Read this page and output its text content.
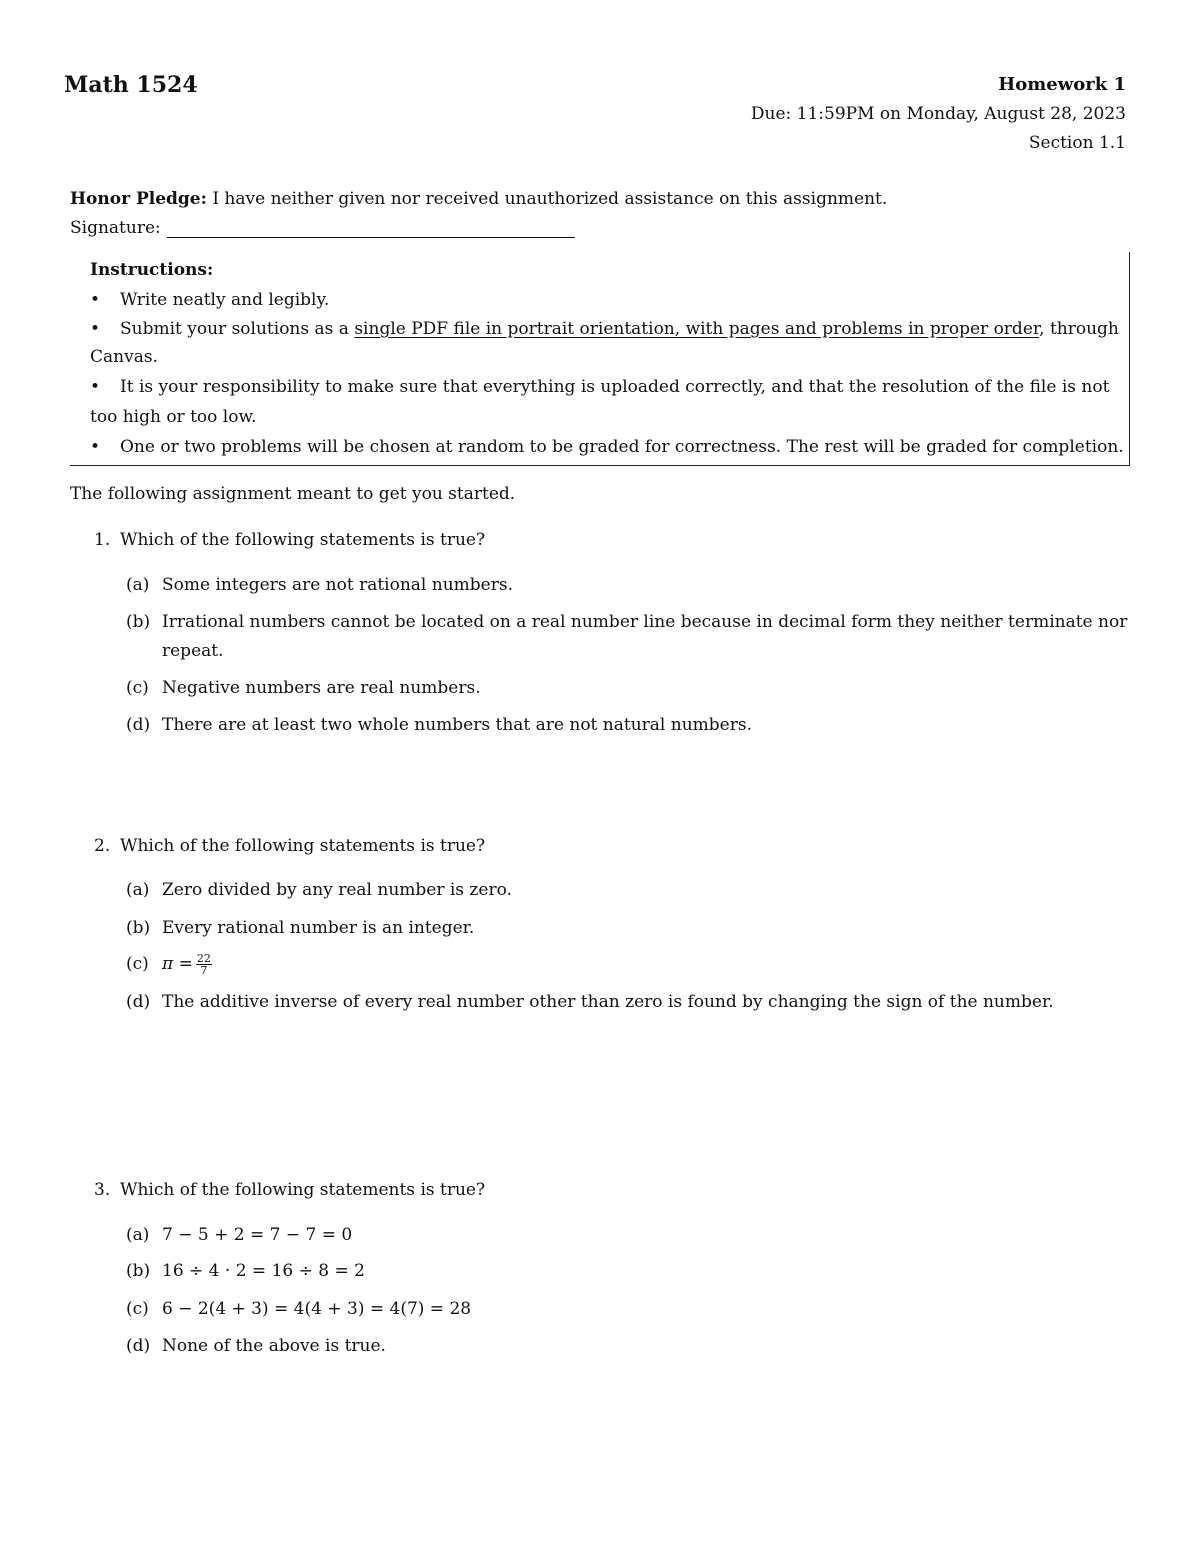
Math 1524	Homework 1
Due: 11:59PM on Monday, August 28, 2023
Section 1.1
Honor Pledge: I have neither given nor received unauthorized assistance on this assignment.
Signature:
Instructions:
• Write neatly and legibly.
• Submit your solutions as a single PDF file in portrait orientation, with pages and problems in proper order, through
Canvas.
• It is your responsibility to make sure that everything is uploaded correctly, and that the resolution of the file is not
too high or too low.
• One or two problems will be chosen at random to be graded for correctness. The rest will be graded for completion.
The following assignment meant to get you started.
1. Which of the following statements is true?
(a) Some integers are not rational numbers.
(b) Irrational numbers cannot be located on a real number line because in decimal form they neither terminate nor
repeat.
(c) Negative numbers are real numbers.
(d) There are at least two whole numbers that are not natural numbers.
2. Which of the following statements is true?
(a) Zero divided by any real number is zero.
(b) Every rational number is an integer.
(c) $\pi = \frac{22}{7}$
(d) The additive inverse of every real number other than zero is found by changing the sign of the number.
3. Which of the following statements is true?
(a) 7 − 5 + 2 = 7 − 7 = 0
(b) 16 ÷ 4 · 2 = 16 ÷ 8 = 2
(c) 6 − 2(4 + 3) = 4(4 + 3) = 4(7) = 28
(d) None of the above is true.
